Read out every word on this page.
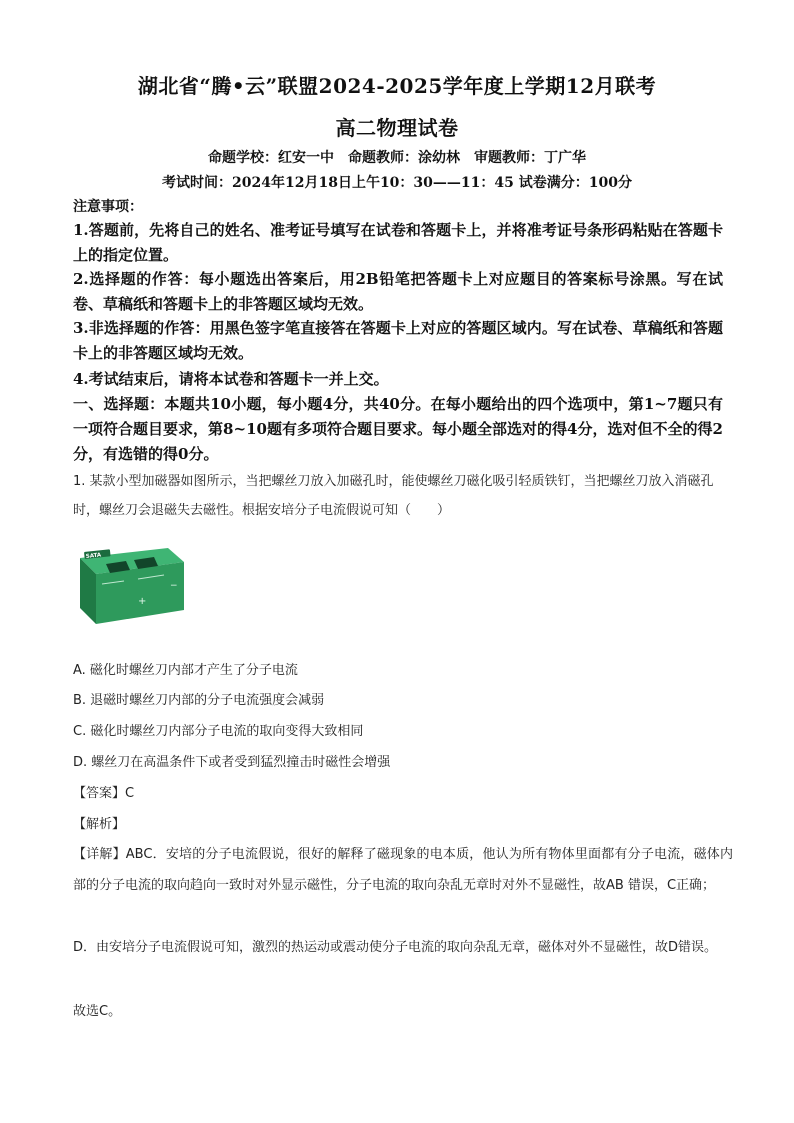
湖北省“腾•云”联盟2024-2025学年度上学期12月联考
高二物理试卷
命题学校：红安一中　命题教师：涂幼林　审题教师：丁广华
考试时间：2024年12月18日上午10：30——11：45 试卷满分：100分
注意事项：
1.答题前，先将自己的姓名、准考证号填写在试卷和答题卡上，并将准考证号条形码粘贴在答题卡上的指定位置。
2.选择题的作答：每小题选出答案后，用2B铅笔把答题卡上对应题目的答案标号涂黑。写在试卷、草稿纸和答题卡上的非答题区域均无效。
3.非选择题的作答：用黑色签字笔直接答在答题卡上对应的答题区域内。写在试卷、草稿纸和答题卡上的非答题区域均无效。
4.考试结束后，请将本试卷和答题卡一并上交。
一、选择题：本题共10小题，每小题4分，共40分。在每小题给出的四个选项中，第1~7题只有一项符合题目要求，第8~10题有多项符合题目要求。每小题全部选对的得4分，选对但不全的得2分，有选错的得0分。
1. 某款小型加磁器如图所示，当把螺丝刀放入加磁孔时，能使螺丝刀磁化吸引轻质铁钉，当把螺丝刀放入消磁孔时，螺丝刀会退磁失去磁性。根据安培分子电流假说可知（　　）
SATA
+
−
A. 磁化时螺丝刀内部才产生了分子电流
B. 退磁时螺丝刀内部的分子电流强度会减弱
C. 磁化时螺丝刀内部分子电流的取向变得大致相同
D. 螺丝刀在高温条件下或者受到猛烈撞击时磁性会增强
【答案】C
【解析】
【详解】ABC．安培的分子电流假说，很好的解释了磁现象的电本质，他认为所有物体里面都有分子电流，磁体内部的分子电流的取向趋向一致时对外显示磁性，分子电流的取向杂乱无章时对外不显磁性，故AB 错误，C正确；
D．由安培分子电流假说可知，激烈的热运动或震动使分子电流的取向杂乱无章，磁体对外不显磁性，故D错误。
故选C。
